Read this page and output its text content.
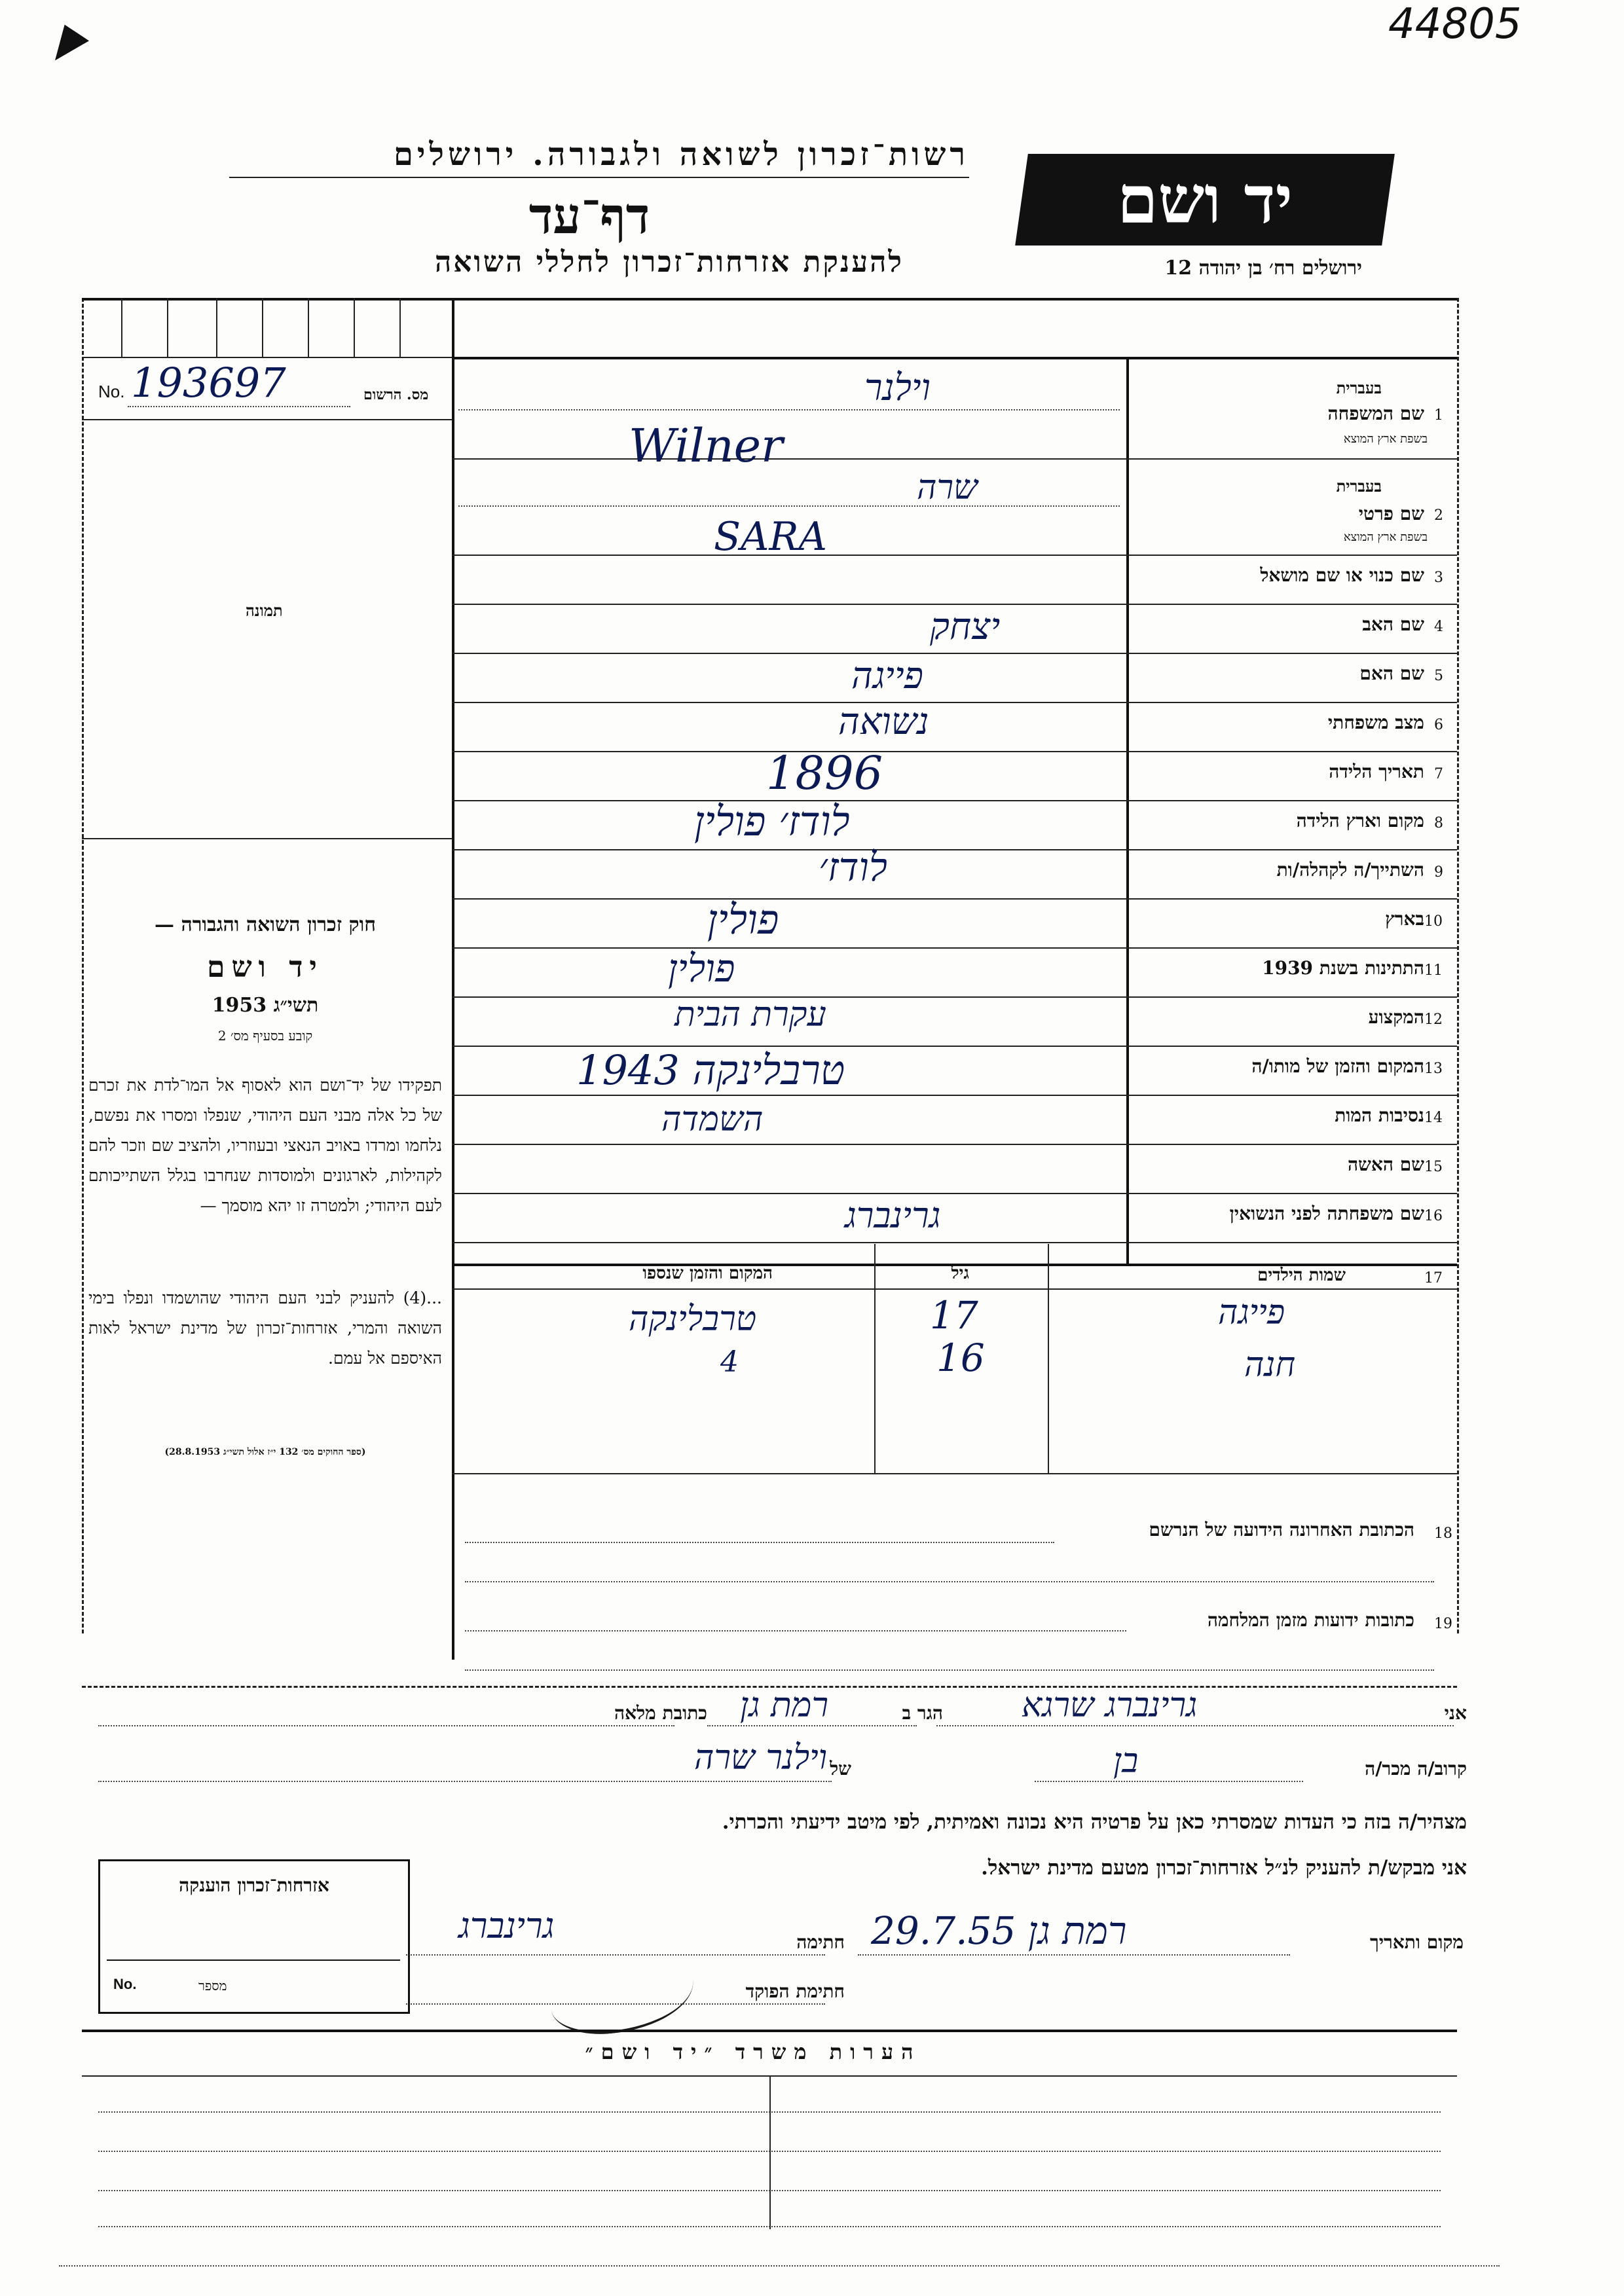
44805
רשות־זכרון לשואה ולגבורה. ירושלים
דף־עד
להענקת אזרחות־זכרון לחללי השואה
יד ושם
ירושלים רח׳ בן יהודה 12
No. 193697	מס. הרשום
תמונה
חוק זכרון השואה והגבורה —
יד ושם
תשי״ג 1953
קובע בסעיף מס׳ 2
תפקידו של יד־ושם הוא לאסוף אל המו־לדת את זכרם של כל אלה מבני העם היהודי, שנפלו ומסרו את נפשם, נלחמו ומרדו באויב הנאצי ובעוזריו, ולהציב שם וזכר להם לקהילות, לארגונים ולמוסדות שנחרבו בגלל השתייכותם לעם היהודי; ולמטרה זו יהא מוסמך —
...(4) להעניק לבני העם היהודי שהושמדו ונפלו בימי השואה והמרי, אזרחות־זכרון של מדינת ישראל לאות האיספם אל עמם.
(ספר החוקים מס׳ 132 י״ז אלול תשי״ג 28.8.1953)
1
שם המשפחה
בעברית
בשפת ארץ המוצא
וילנר
Wilner
2
שם פרטי
בעברית
בשפת ארץ המוצא
שרה
SARA
3
שם כנוי או שם מושאל
4
שם האב
יצחק
5
שם האם
פייגה
6
מצב משפחתי
נשואה
7
תאריך הלידה
1896
8
מקום וארץ הלידה
לודז׳ פולין
9
השתייך/ה לקהלה/ות
לודז׳
10
בארץ
פולין
11
התתינות בשנת 1939
פולין
12
המקצוע
עקרת הבית
13
המקום והזמן של מותו/ה
טרבלינקה 1943
14
נסיבות המות
השמדה
15
שם האשה
16
שם משפחתה לפני הנשואין
גרינברג
17
שמות הילדים
גיל
המקום והזמן שנספו
פייגה
17
טרבלינקה
חנה
16
4
18
הכתובת האחרונה הידועה של הנרשם
19
כתובות ידועות מזמן המלחמה
אני
גרינברג שרגא
הגר ב
רמת גן
כתובת מלאה
קרוב/ה מכר/ה
בן
של
וילנר שרה
מצהיר/ה בזה כי העדות שמסרתי כאן על פרטיה היא נכונה ואמיתית, לפי מיטב ידיעתי והכרתי.
אני מבקש/ת להעניק לנ״ל אזרחות־זכרון מטעם מדינת ישראל.
מקום ותאריך
רמת גן 29.7.55
חתימה
גרינברג
חתימת הפוקד
אזרחות־זכרון הוענקה
No.	מספר
הערות משרד ״יד ושם״
